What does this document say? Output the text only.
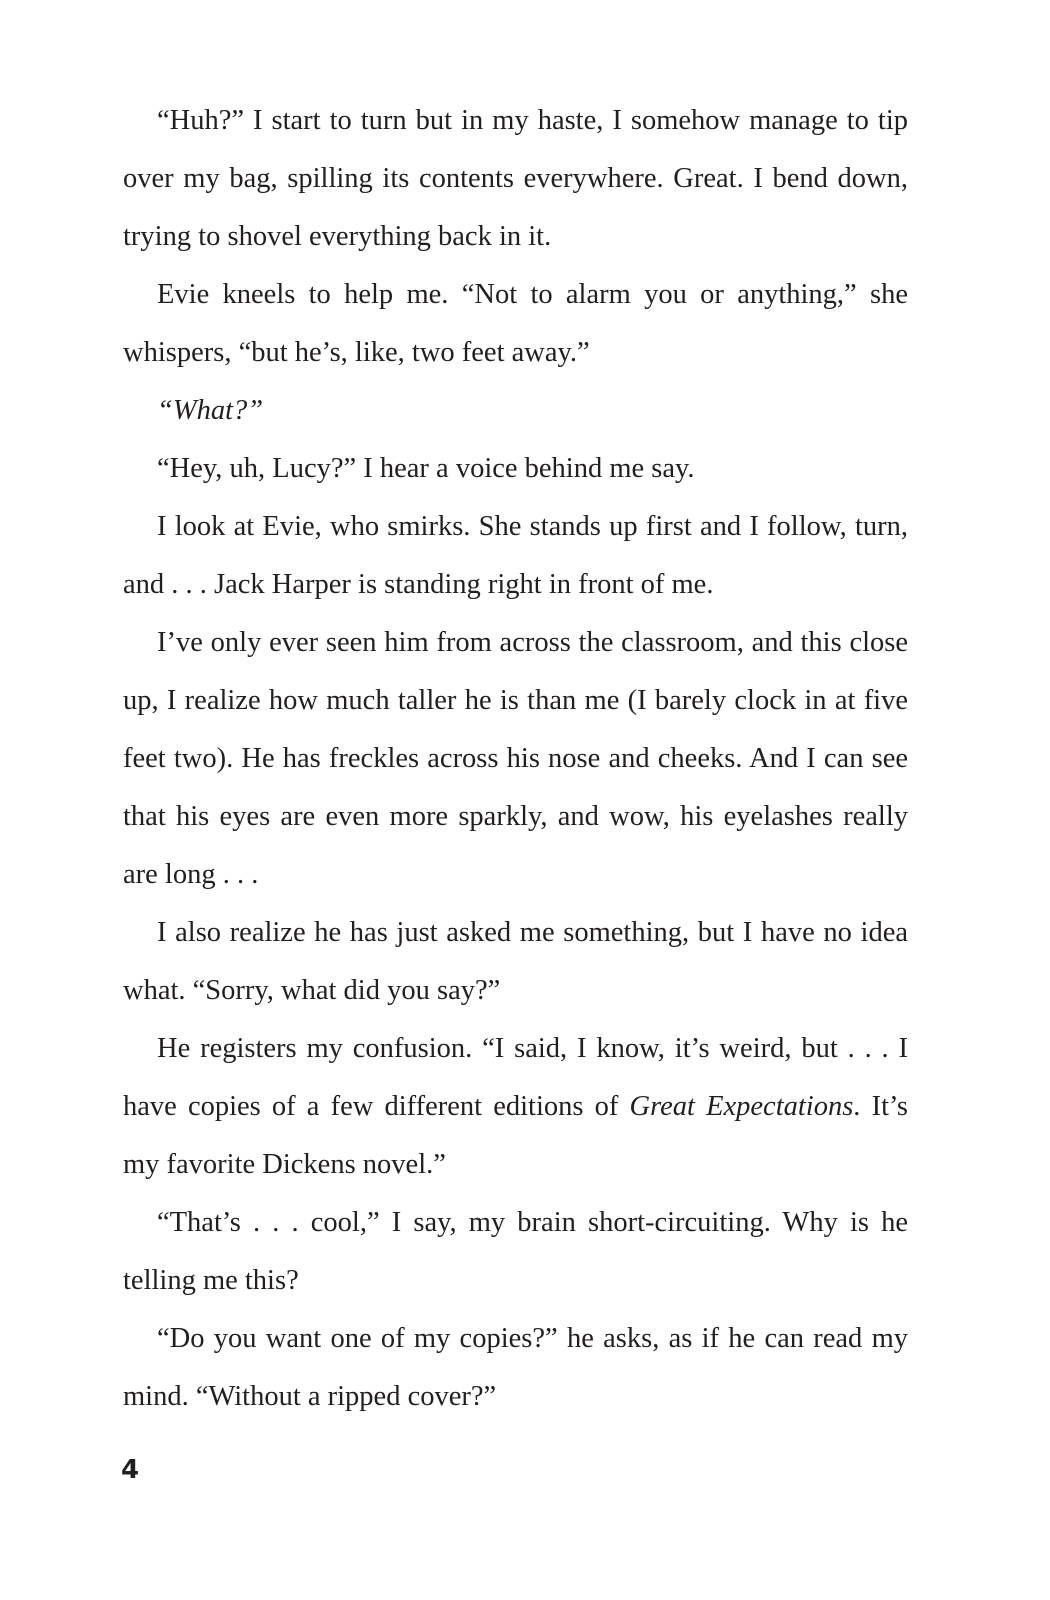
“Huh?” I start to turn but in my haste, I somehow manage to tip over my bag, spilling its contents everywhere. Great. I bend down, trying to shovel everything back in it.

Evie kneels to help me. “Not to alarm you or anything,” she whispers, “but he’s, like, two feet away.”

“What?”

“Hey, uh, Lucy?” I hear a voice behind me say.

I look at Evie, who smirks. She stands up first and I follow, turn, and . . . Jack Harper is standing right in front of me.

I’ve only ever seen him from across the classroom, and this close up, I realize how much taller he is than me (I barely clock in at five feet two). He has freckles across his nose and cheeks. And I can see that his eyes are even more sparkly, and wow, his eyelashes really are long . . .

I also realize he has just asked me something, but I have no idea what. “Sorry, what did you say?”

He registers my confusion. “I said, I know, it’s weird, but . . . I have copies of a few different editions of Great Expectations. It’s my favorite Dickens novel.”

“That’s . . . cool,” I say, my brain short-circuiting. Why is he telling me this?

“Do you want one of my copies?” he asks, as if he can read my mind. “Without a ripped cover?”

4
